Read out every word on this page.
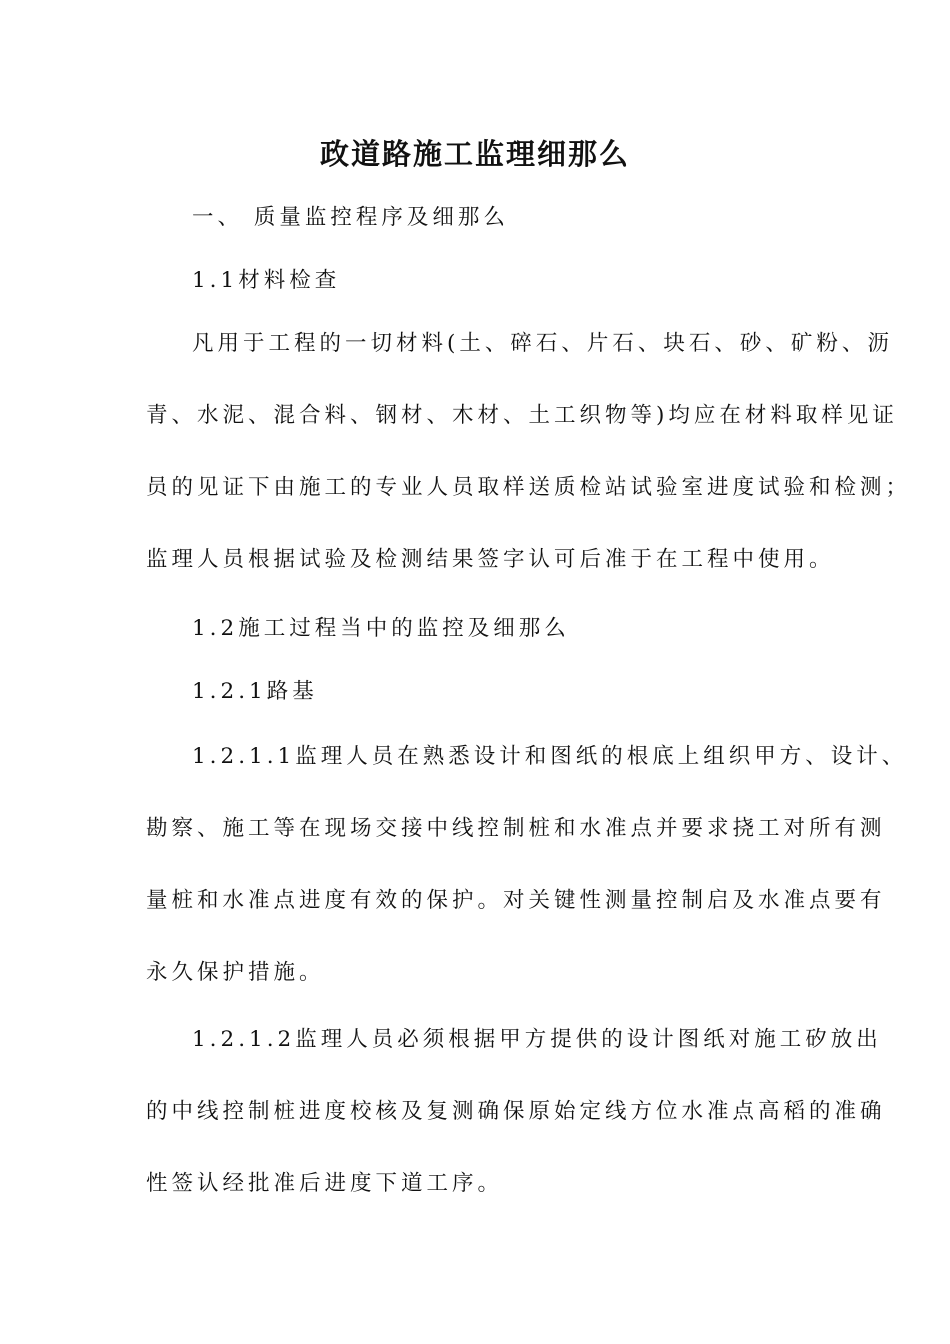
政道路施工监理细那么
一、 质量监控程序及细那么
1.1材料检查
凡用于工程的一切材料(土、碎石、片石、块石、砂、矿粉、沥
青、水泥、混合料、钢材、木材、土工织物等)均应在材料取样见证
员的见证下由施工的专业人员取样送质检站试验室进度试验和检测；
监理人员根据试验及检测结果签字认可后准于在工程中使用。
1.2施工过程当中的监控及细那么
1.2.1路基
1.2.1.1监理人员在熟悉设计和图纸的根底上组织甲方、设计、
勘察、施工等在现场交接中线控制桩和水准点并要求挠工对所有测
量桩和水准点进度有效的保护。对关键性测量控制启及水准点要有
永久保护措施。
1.2.1.2监理人员必须根据甲方提供的设计图纸对施工矽放出
的中线控制桩进度校核及复测确保原始定线方位水准点高稻的准确
性签认经批准后进度下道工序。
